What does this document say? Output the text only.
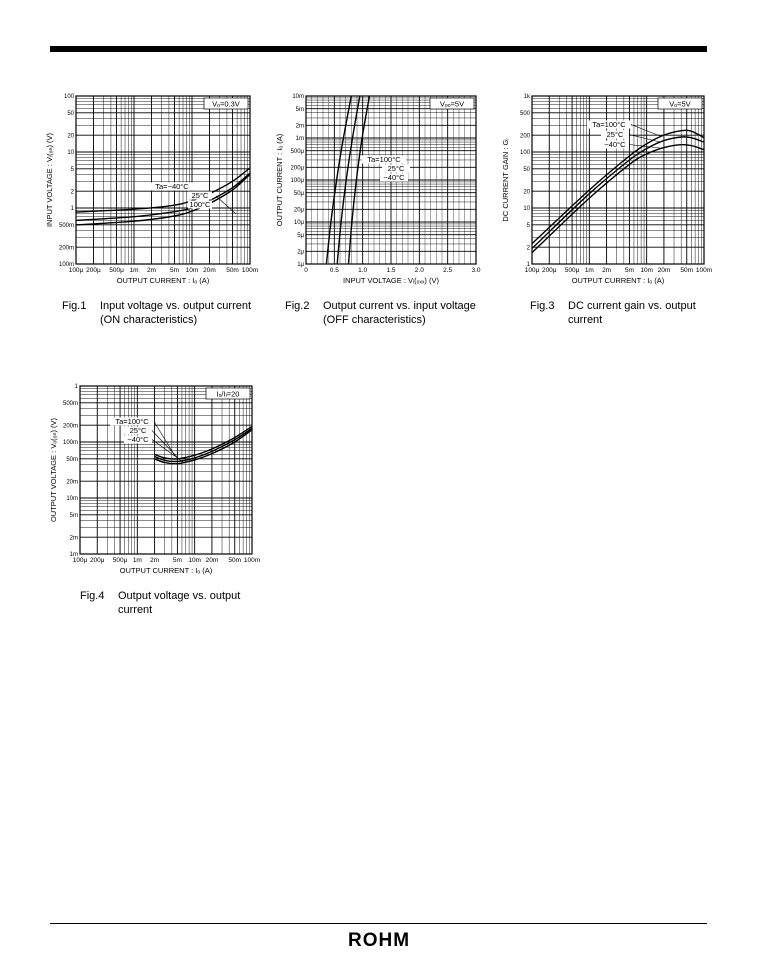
100μ 200μ 500μ 1m 2m 5m 10m 20m 50m 100m
100m
200m
500m
1
2
5
10
20
50
100
OUTPUT CURRENT : Iₒ (A)
INPUT VOLTAGE : Vᵢ(ₒₙ) (V)
Vₒ=0.3V
Ta=−40°C
25°C
100°C
Fig.1 Input voltage vs. output current (ON characteristics)
0	0.5	1.0	1.5	2.0	2.5	3.0
1μ
2μ
5μ
10μ
20μ
50μ
100μ
200μ
500μ
1m
2m
5m
10m
INPUT VOLTAGE : Vᵢ(ₒₓₓ) (V)
OUTPUT CURRENT : Iₒ (A)
Vₒₒ=5V
Ta=100°C
25°C
−40°C
Fig.2 Output current vs. input voltage (OFF characteristics)
100μ 200μ 500μ 1m 2m 5m 10m 20m 50m 100m
1
2
5
10
20
50
100
200
500
1k
OUTPUT CURRENT : Iₒ (A)
DC CURRENT GAIN : Gᵢ
Vₒ=5V
Ta=100°C
25°C
−40°C
Fig.3 DC current gain vs. output current
100μ 200μ 500μ 1m 2m 5m 10m 20m 50m 100m
1m
2m
5m
10m
20m
50m
100m
200m
500m
1
OUTPUT CURRENT : Iₒ (A)
OUTPUT VOLTAGE : Vₒ(ₒₙ) (V)
Iₒ/Iᵢ=20
Ta=100°C
25°C
−40°C
Fig.4 Output voltage vs. output current
ROHM
